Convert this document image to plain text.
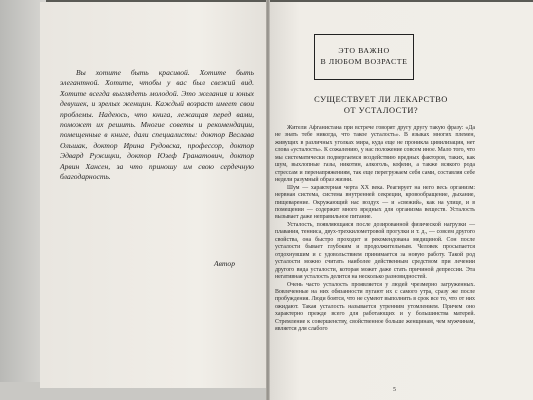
Вы хотите быть красивой. Хотите быть элегантной. Хотите, чтобы у вас был свежий вид. Хотите всегда выглядеть молодой. Это желания и юных девушек, и зрелых женщин. Каждый возраст имеет свои проблемы. Надеюсь, что книга, лежащая перед вами, поможет их решить. Многие советы и рекомендации, помещенные в книге, дали специалисты: доктор Веслава Ольшак, доктор Ирина Рудовска, профессор, доктор Эдвард Ружицки, доктор Юзеф Гранатович, доктор Арвин Хансен, за что приношу им свою сердечную благодарность.

Автор
ЭТО ВАЖНО
В ЛЮБОМ ВОЗРАСТЕ
СУЩЕСТВУЕТ ЛИ ЛЕКАРСТВО
ОТ УСТАЛОСТИ?

Жители Афганистана при встрече говорят другу другу такую фразу: «Да не знать тебе никогда, что такое усталость». В языках многих племен, живущих в различных уголках мира, куда еще не проникла цивилизация, нет слова «усталость». К сожалению, у нас положение совсем иное. Мало того, что мы систематически подвергаемся воздействию вредных факторов, таких, как шум, выхлопные газы, никотин, алкоголь, кофеин, а также всякого рода стрессам и перенапряжениям, так еще перегружаем себя сами, составляя себе недели разумный образ жизни.

Шум — характерная черта XX века. Реагирует на него весь организм: нервная система, система внутренней секреции, кровообращение, дыхание, пищеварение. Окружающий нас воздух — и «свежий», как на улице, и в помещении — содержит много вредных для организма веществ. Усталость вызывает даже неправильное питание.

Усталость, появляющаяся после дозированной физической нагрузки — плавания, тенниса, двух-трехкилометровой прогулки и т. д., — совсем другого свойства, она быстро проходит и рекомендована медициной. Сон после усталости бывает глубоким и продолжительным. Человек просыпается отдохнувшим и с удовольствием принимается за новую работу. Такой род усталости можно считать наиболее действенным средством при лечении другого вида усталости, которая может даже стать причиной депрессии. Эта негативная усталость делится на несколько разновидностей.

Очень часто усталость проявляется у людей чрезмерно загруженных. Вовлеченные на них обязанности пугают их с самого утра, сразу же после пробуждения. Люди боятся, что не сумеют выполнить в срок все то, что от них ожидают. Такая усталость называется утренним утомлением. Причем оно характерно прежде всего для работающих и у большинства матерей. Стремление к совершенству, свойственное больше женщинам, чем мужчинам, является для слабого

5
